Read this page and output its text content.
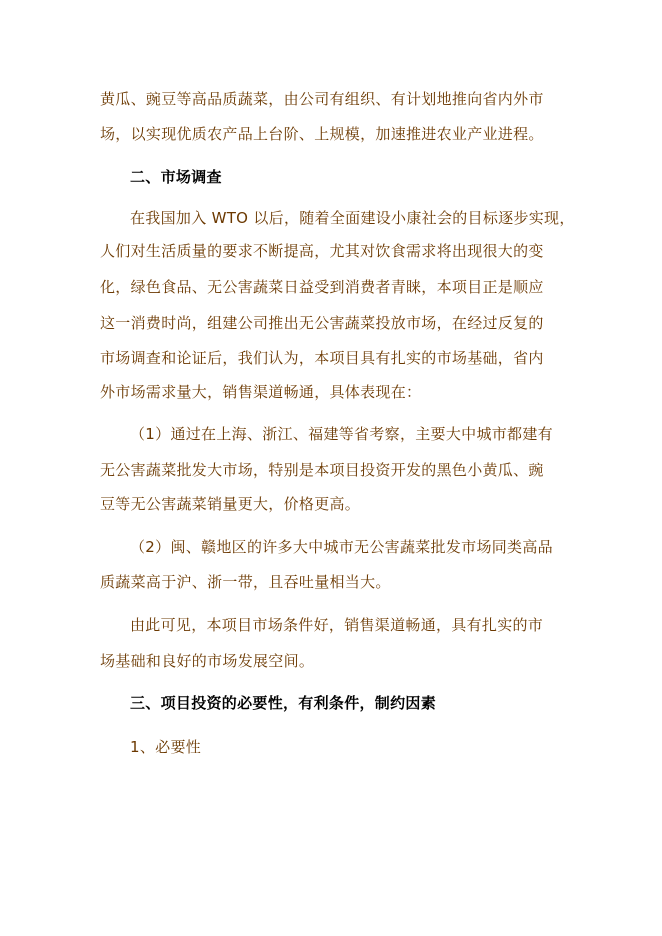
黄瓜、豌豆等高品质蔬菜，由公司有组织、有计划地推向省内外市
场，以实现优质农产品上台阶、上规模，加速推进农业产业进程。
二、市场调查
在我国加入 WTO 以后，随着全面建设小康社会的目标逐步实现，
人们对生活质量的要求不断提高，尤其对饮食需求将出现很大的变
化，绿色食品、无公害蔬菜日益受到消费者青睐，本项目正是顺应
这一消费时尚，组建公司推出无公害蔬菜投放市场，在经过反复的
市场调查和论证后，我们认为，本项目具有扎实的市场基础，省内
外市场需求量大，销售渠道畅通，具体表现在：
（1）通过在上海、浙江、福建等省考察，主要大中城市都建有
无公害蔬菜批发大市场，特别是本项目投资开发的黑色小黄瓜、豌
豆等无公害蔬菜销量更大，价格更高。
（2）闽、赣地区的许多大中城市无公害蔬菜批发市场同类高品
质蔬菜高于沪、浙一带，且吞吐量相当大。
由此可见，本项目市场条件好，销售渠道畅通，具有扎实的市
场基础和良好的市场发展空间。
三、项目投资的必要性，有利条件，制约因素
1、必要性
